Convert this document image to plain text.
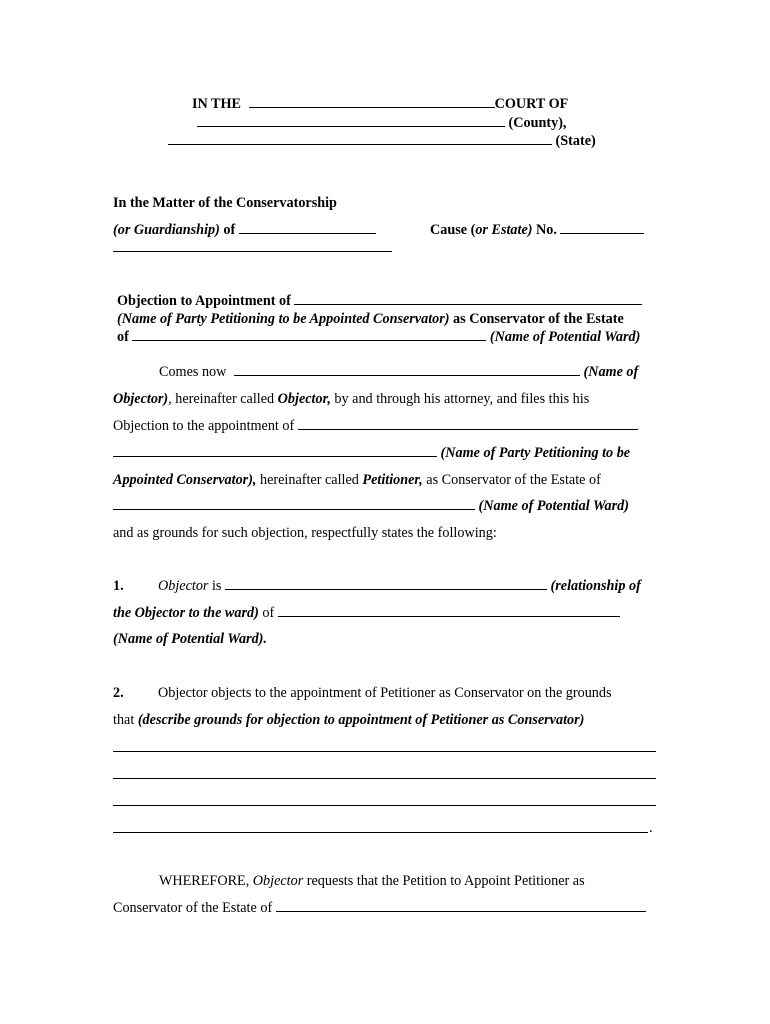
IN THE	COURT OF
(County),
(State)
In the Matter of the Conservatorship
(or Guardianship) of	Cause (or Estate) No.
Objection to Appointment of
(Name of Party Petitioning to be Appointed Conservator) as Conservator of the Estate
of	(Name of Potential Ward)
Comes now	(Name of
Objector), hereinafter called Objector, by and through his attorney, and files this his
Objection to the appointment of
(Name of Party Petitioning to be
Appointed Conservator), hereinafter called Petitioner, as Conservator of the Estate of
(Name of Potential Ward)
and as grounds for such objection, respectfully states the following:
1. Objector is	(relationship of
the Objector to the ward) of
(Name of Potential Ward).
2. Objector objects to the appointment of Petitioner as Conservator on the grounds
that (describe grounds for objection to appointment of Petitioner as Conservator)
.
WHEREFORE, Objector requests that the Petition to Appoint Petitioner as
Conservator of the Estate of
